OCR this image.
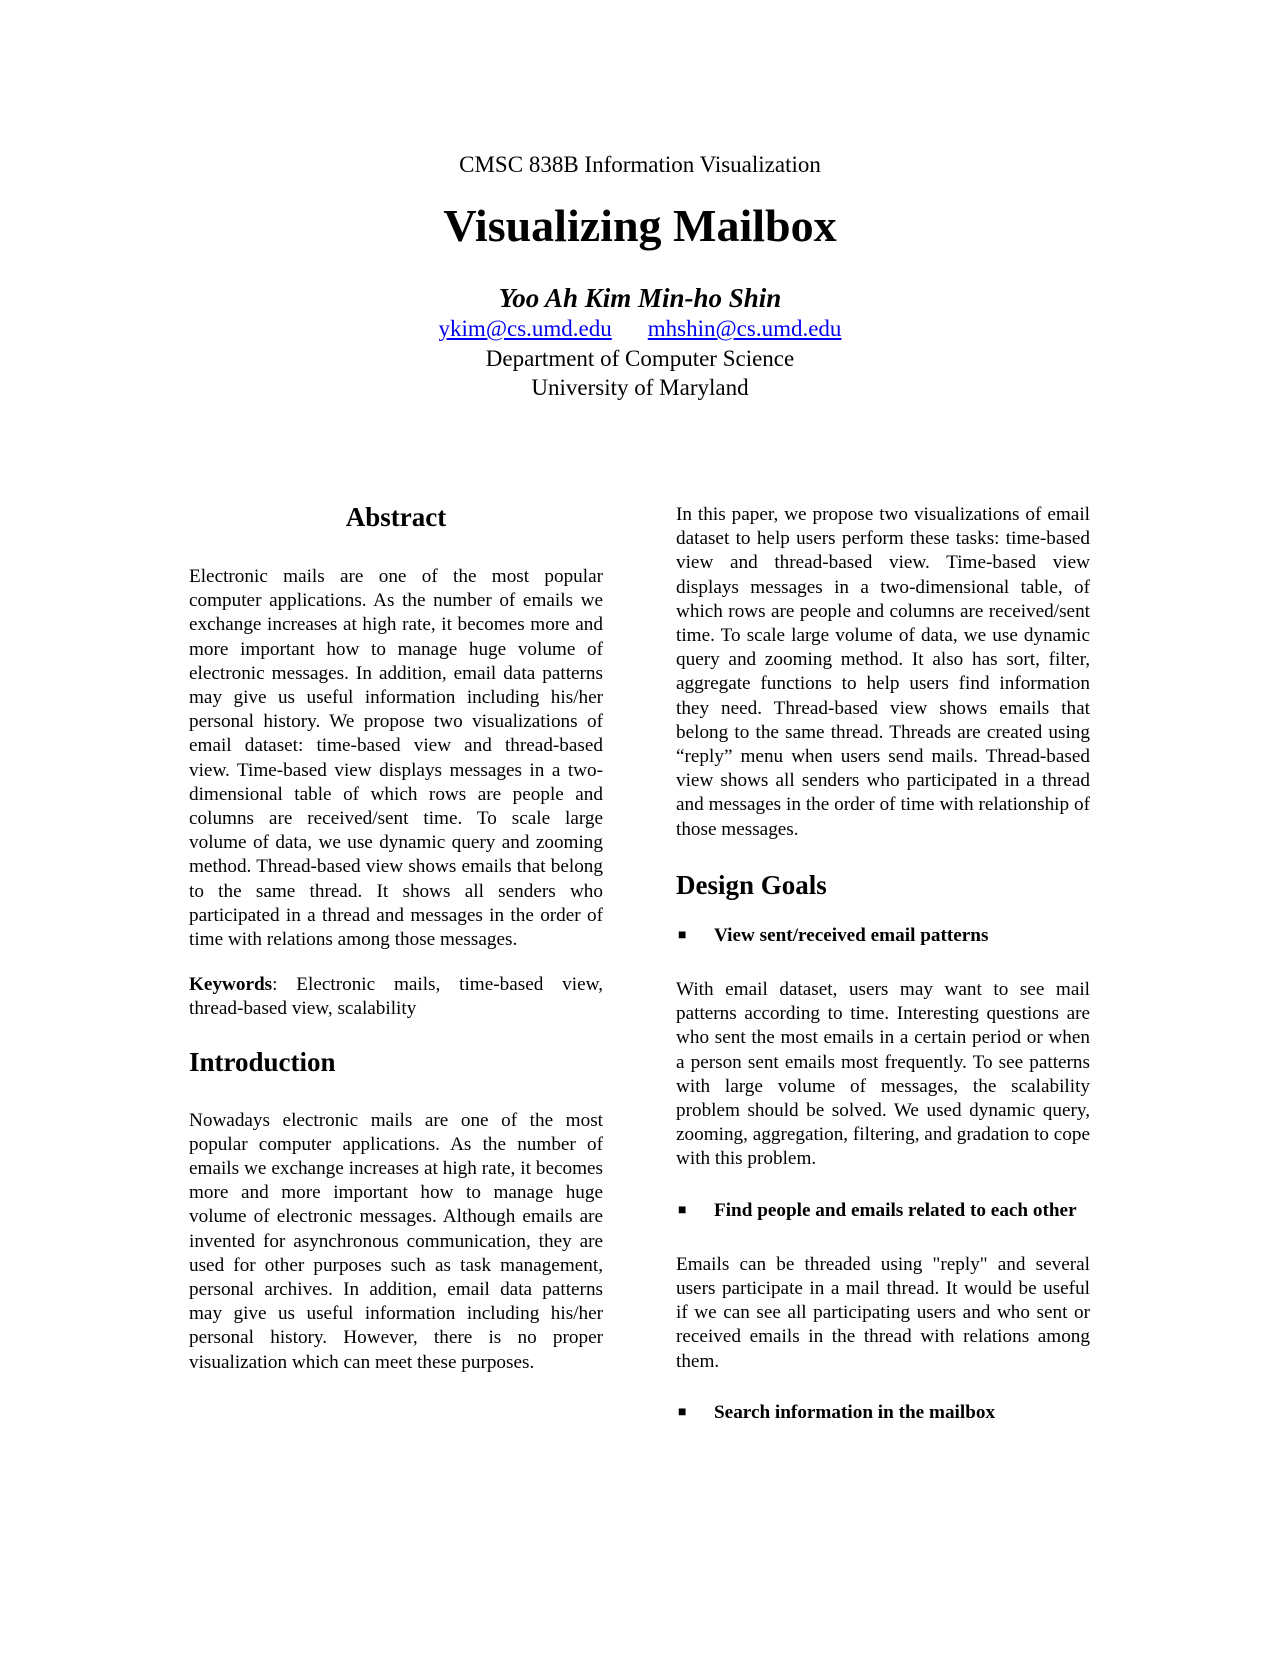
CMSC 838B Information Visualization

Visualizing Mailbox

Yoo Ah Kim Min-ho Shin

ykim@cs.umd.edu mhshin@cs.umd.edu

Department of Computer Science

University of Maryland

Abstract

Electronic mails are one of the most popular computer applications. As the number of emails we exchange increases at high rate, it becomes more and more important how to manage huge volume of electronic messages. In addition, email data patterns may give us useful information including his/her personal history. We propose two visualizations of email dataset: time-based view and thread-based view. Time-based view displays messages in a two-dimensional table of which rows are people and columns are received/sent time. To scale large volume of data, we use dynamic query and zooming method. Thread-based view shows emails that belong to the same thread. It shows all senders who participated in a thread and messages in the order of time with relations among those messages.

Keywords: Electronic mails, time-based view, thread-based view, scalability

Introduction

Nowadays electronic mails are one of the most popular computer applications. As the number of emails we exchange increases at high rate, it becomes more and more important how to manage huge volume of electronic messages. Although emails are invented for asynchronous communication, they are used for other purposes such as task management, personal archives. In addition, email data patterns may give us useful information including his/her personal history. However, there is no proper visualization which can meet these purposes.

In this paper, we propose two visualizations of email dataset to help users perform these tasks: time-based view and thread-based view. Time-based view displays messages in a two-dimensional table, of which rows are people and columns are received/sent time. To scale large volume of data, we use dynamic query and zooming method. It also has sort, filter, aggregate functions to help users find information they need. Thread-based view shows emails that belong to the same thread. Threads are created using “reply” menu when users send mails. Thread-based view shows all senders who participated in a thread and messages in the order of time with relationship of those messages.

Design Goals

■ View sent/received email patterns

With email dataset, users may want to see mail patterns according to time. Interesting questions are who sent the most emails in a certain period or when a person sent emails most frequently. To see patterns with large volume of messages, the scalability problem should be solved. We used dynamic query, zooming, aggregation, filtering, and gradation to cope with this problem.

■ Find people and emails related to each other

Emails can be threaded using "reply" and several users participate in a mail thread. It would be useful if we can see all participating users and who sent or received emails in the thread with relations among them.

■ Search information in the mailbox
